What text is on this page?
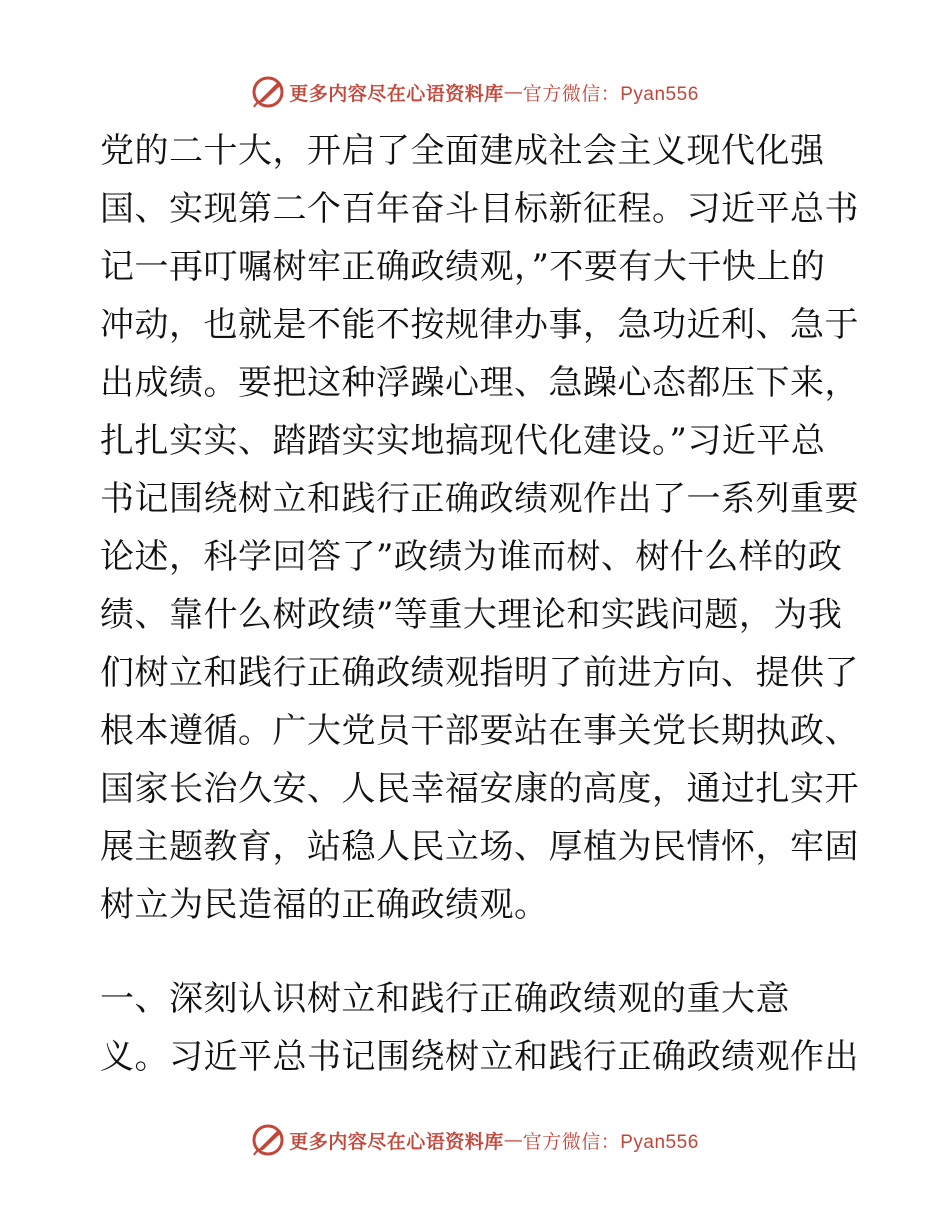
更多内容尽在心语资料库 — 官方微信：Pyan556
党的二十大，开启了全面建成社会主义现代化强
国、实现第二个百年奋斗目标新征程。习近平总书
记一再叮嘱树牢正确政绩观，”不要有大干快上的
冲动，也就是不能不按规律办事，急功近利、急于
出成绩。要把这种浮躁心理、急躁心态都压下来，
扎扎实实、踏踏实实地搞现代化建设。”习近平总
书记围绕树立和践行正确政绩观作出了一系列重要
论述，科学回答了”政绩为谁而树、树什么样的政
绩、靠什么树政绩”等重大理论和实践问题，为我
们树立和践行正确政绩观指明了前进方向、提供了
根本遵循。广大党员干部要站在事关党长期执政、
国家长治久安、人民幸福安康的高度，通过扎实开
展主题教育，站稳人民立场、厚植为民情怀，牢固
树立为民造福的正确政绩观。
一、深刻认识树立和践行正确政绩观的重大意
义。习近平总书记围绕树立和践行正确政绩观作出
更多内容尽在心语资料库 — 官方微信：Pyan556
